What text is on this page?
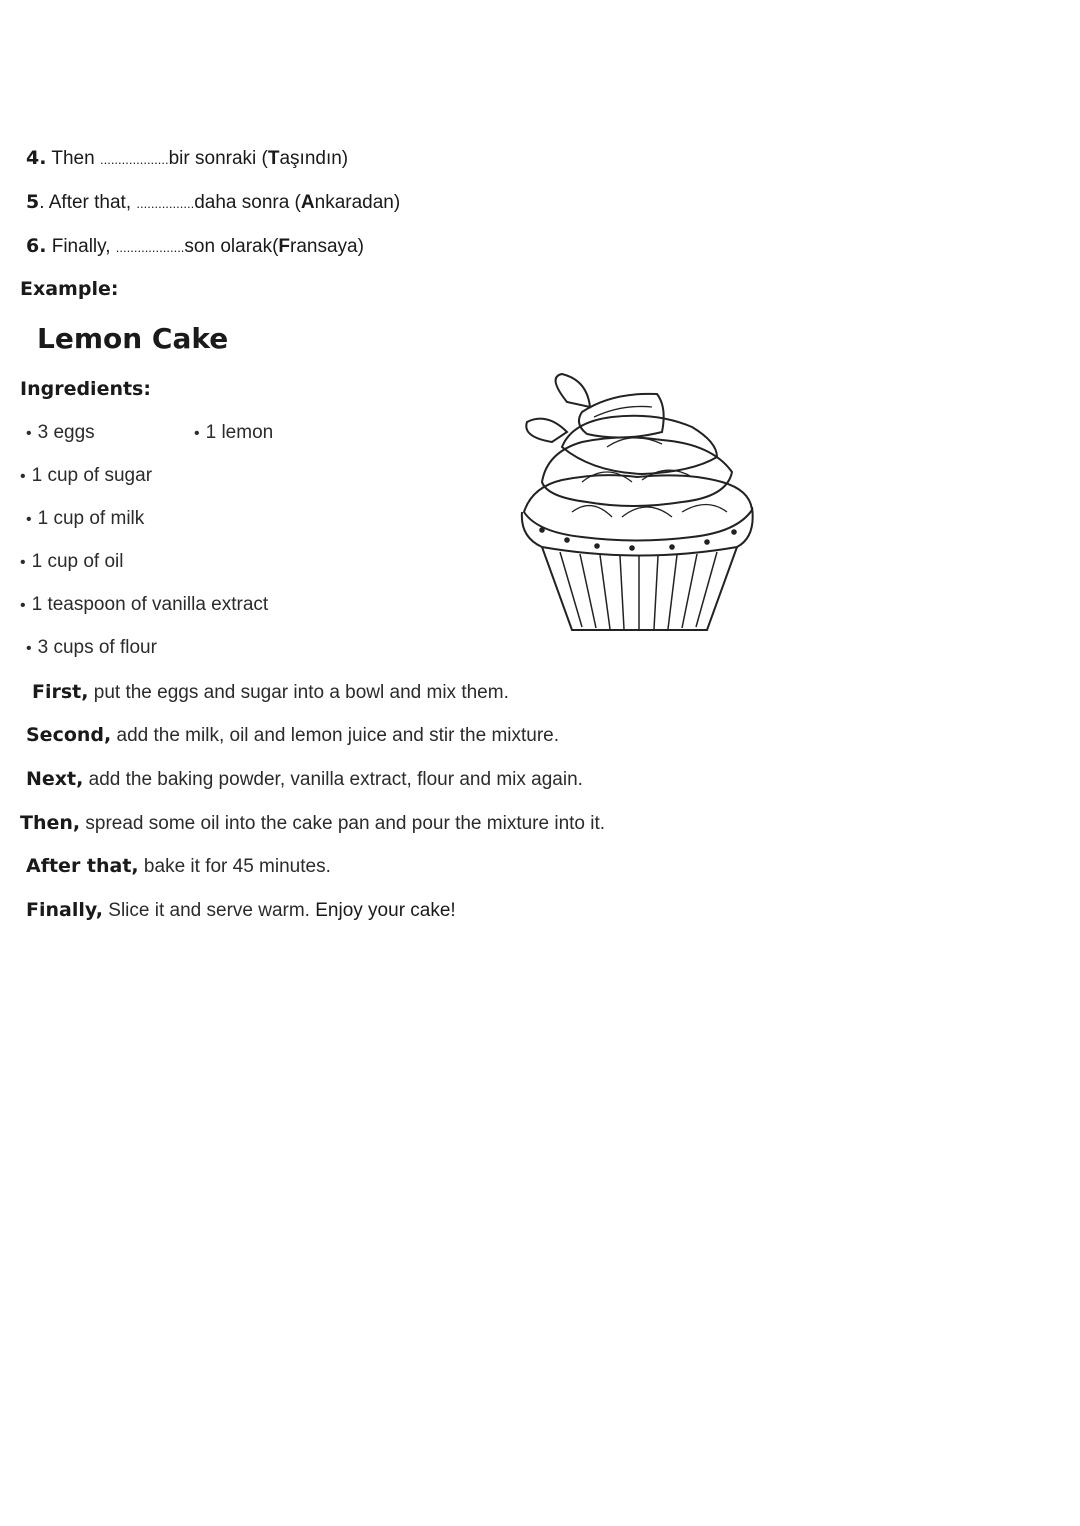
4. Then ...................bir sonraki (Taşındın)
5. After that, ................daha sonra (Ankaradan)
6. Finally, ...................son olarak(Fransaya)
Example:
Lemon Cake
Ingredients:
• 3 eggs	• 1 lemon
• 1 cup of sugar
• 1 cup of milk
• 1 cup of oil
• 1 teaspoon of vanilla extract
• 3 cups of flour
First, put the eggs and sugar into a bowl and mix them.
Second, add the milk, oil and lemon juice and stir the mixture.
Next, add the baking powder, vanilla extract, flour and mix again.
Then, spread some oil into the cake pan and pour the mixture into it.
After that, bake it for 45 minutes.
Finally, Slice it and serve warm. Enjoy your cake!
